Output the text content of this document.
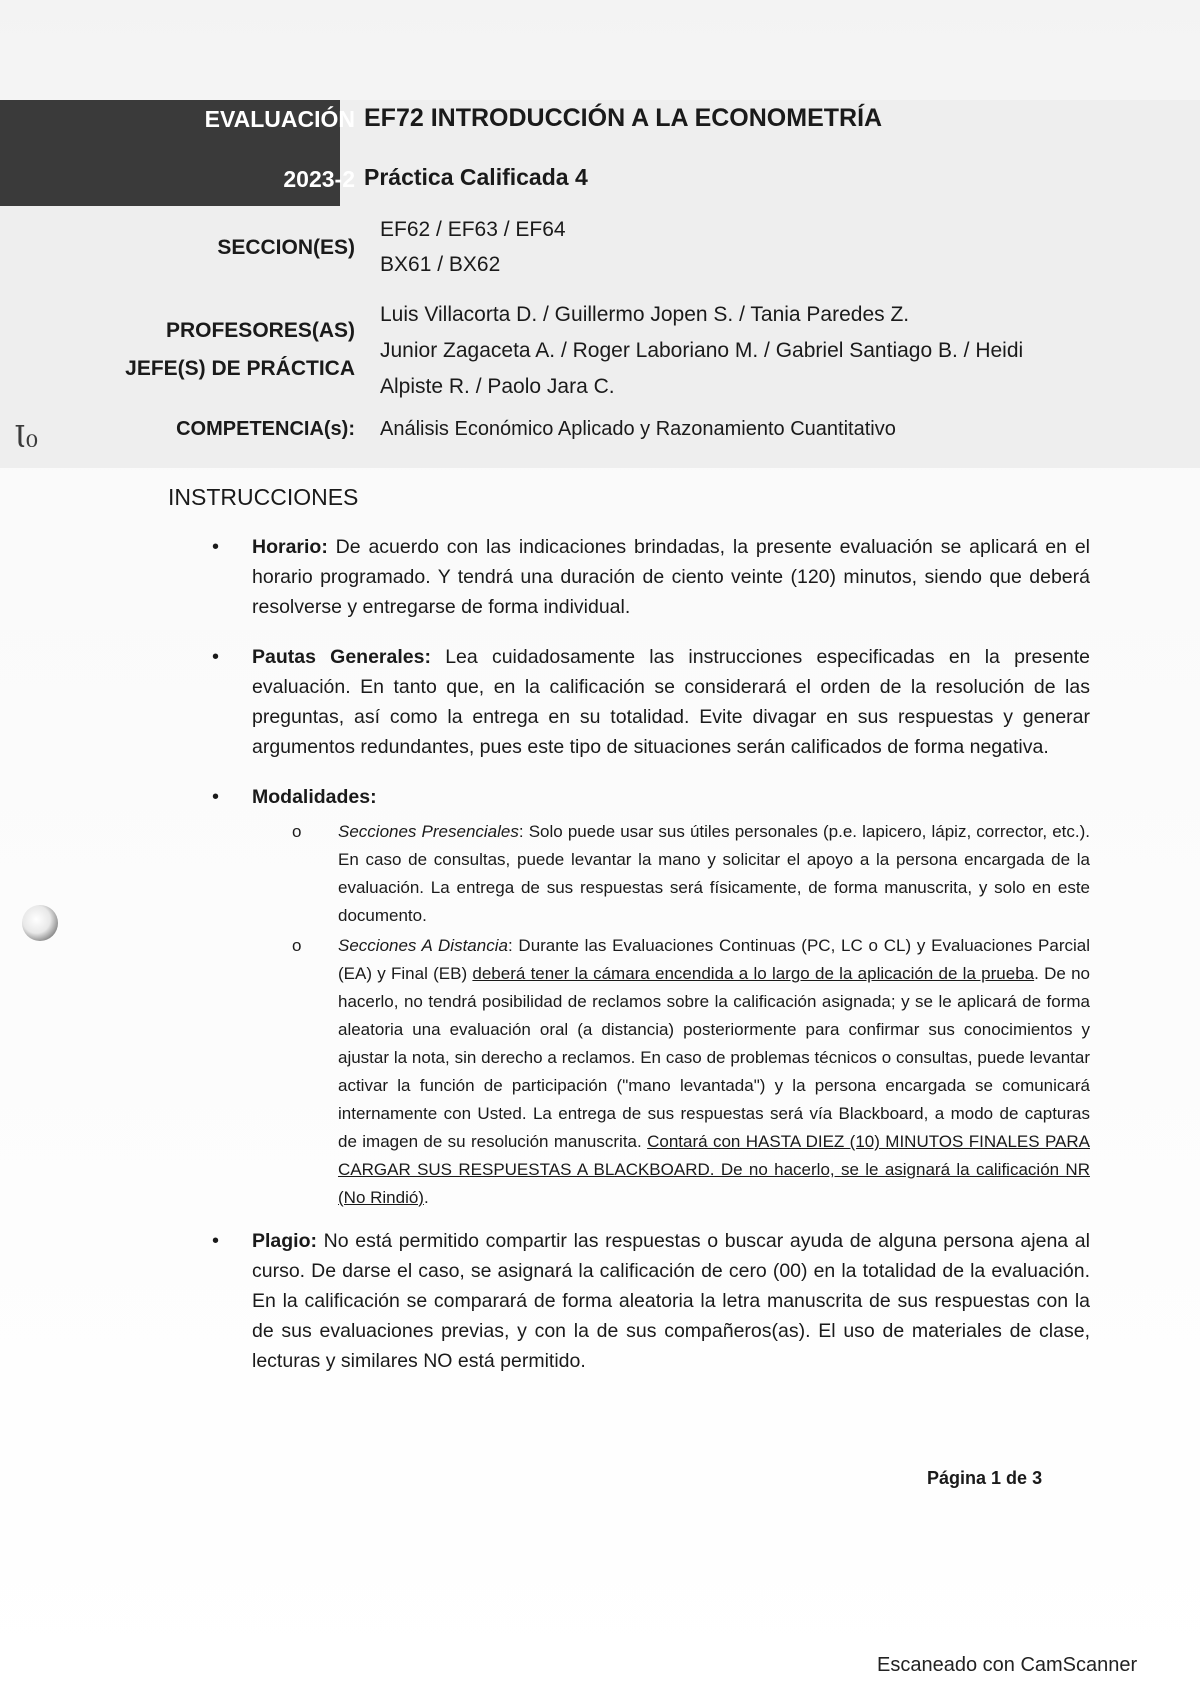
EVALUACIÓN
2023-2
EF72 INTRODUCCIÓN A LA ECONOMETRÍA
Práctica Calificada 4
SECCION(ES)
EF62 / EF63 / EF64
BX61 / BX62
PROFESORES(AS)
JEFE(S) DE PRÁCTICA
Luis Villacorta D. / Guillermo Jopen S. / Tania Paredes Z.
Junior Zagaceta A. / Roger Laboriano M. / Gabriel Santiago B. / Heidi
Alpiste R. / Paolo Jara C.
COMPETENCIA(s): Análisis Económico Aplicado y Razonamiento Cuantitativo
Ɩ₀
INSTRUCCIONES
• Horario: De acuerdo con las indicaciones brindadas, la presente evaluación se aplicará en el horario programado. Y tendrá una duración de ciento veinte (120) minutos, siendo que deberá resolverse y entregarse de forma individual.
• Pautas Generales: Lea cuidadosamente las instrucciones especificadas en la presente evaluación. En tanto que, en la calificación se considerará el orden de la resolución de las preguntas, así como la entrega en su totalidad. Evite divagar en sus respuestas y generar argumentos redundantes, pues este tipo de situaciones serán calificados de forma negativa.
• Modalidades:
o Secciones Presenciales: Solo puede usar sus útiles personales (p.e. lapicero, lápiz, corrector, etc.). En caso de consultas, puede levantar la mano y solicitar el apoyo a la persona encargada de la evaluación. La entrega de sus respuestas será físicamente, de forma manuscrita, y solo en este documento.
o Secciones A Distancia: Durante las Evaluaciones Continuas (PC, LC o CL) y Evaluaciones Parcial (EA) y Final (EB) deberá tener la cámara encendida a lo largo de la aplicación de la prueba. De no hacerlo, no tendrá posibilidad de reclamos sobre la calificación asignada; y se le aplicará de forma aleatoria una evaluación oral (a distancia) posteriormente para confirmar sus conocimientos y ajustar la nota, sin derecho a reclamos. En caso de problemas técnicos o consultas, puede levantar activar la función de participación ("mano levantada") y la persona encargada se comunicará internamente con Usted. La entrega de sus respuestas será vía Blackboard, a modo de capturas de imagen de su resolución manuscrita. Contará con HASTA DIEZ (10) MINUTOS FINALES PARA CARGAR SUS RESPUESTAS A BLACKBOARD. De no hacerlo, se le asignará la calificación NR (No Rindió).
• Plagio: No está permitido compartir las respuestas o buscar ayuda de alguna persona ajena al curso. De darse el caso, se asignará la calificación de cero (00) en la totalidad de la evaluación. En la calificación se comparará de forma aleatoria la letra manuscrita de sus respuestas con la de sus evaluaciones previas, y con la de sus compañeros(as). El uso de materiales de clase, lecturas y similares NO está permitido.
Página 1 de 3
Escaneado con CamScanner
